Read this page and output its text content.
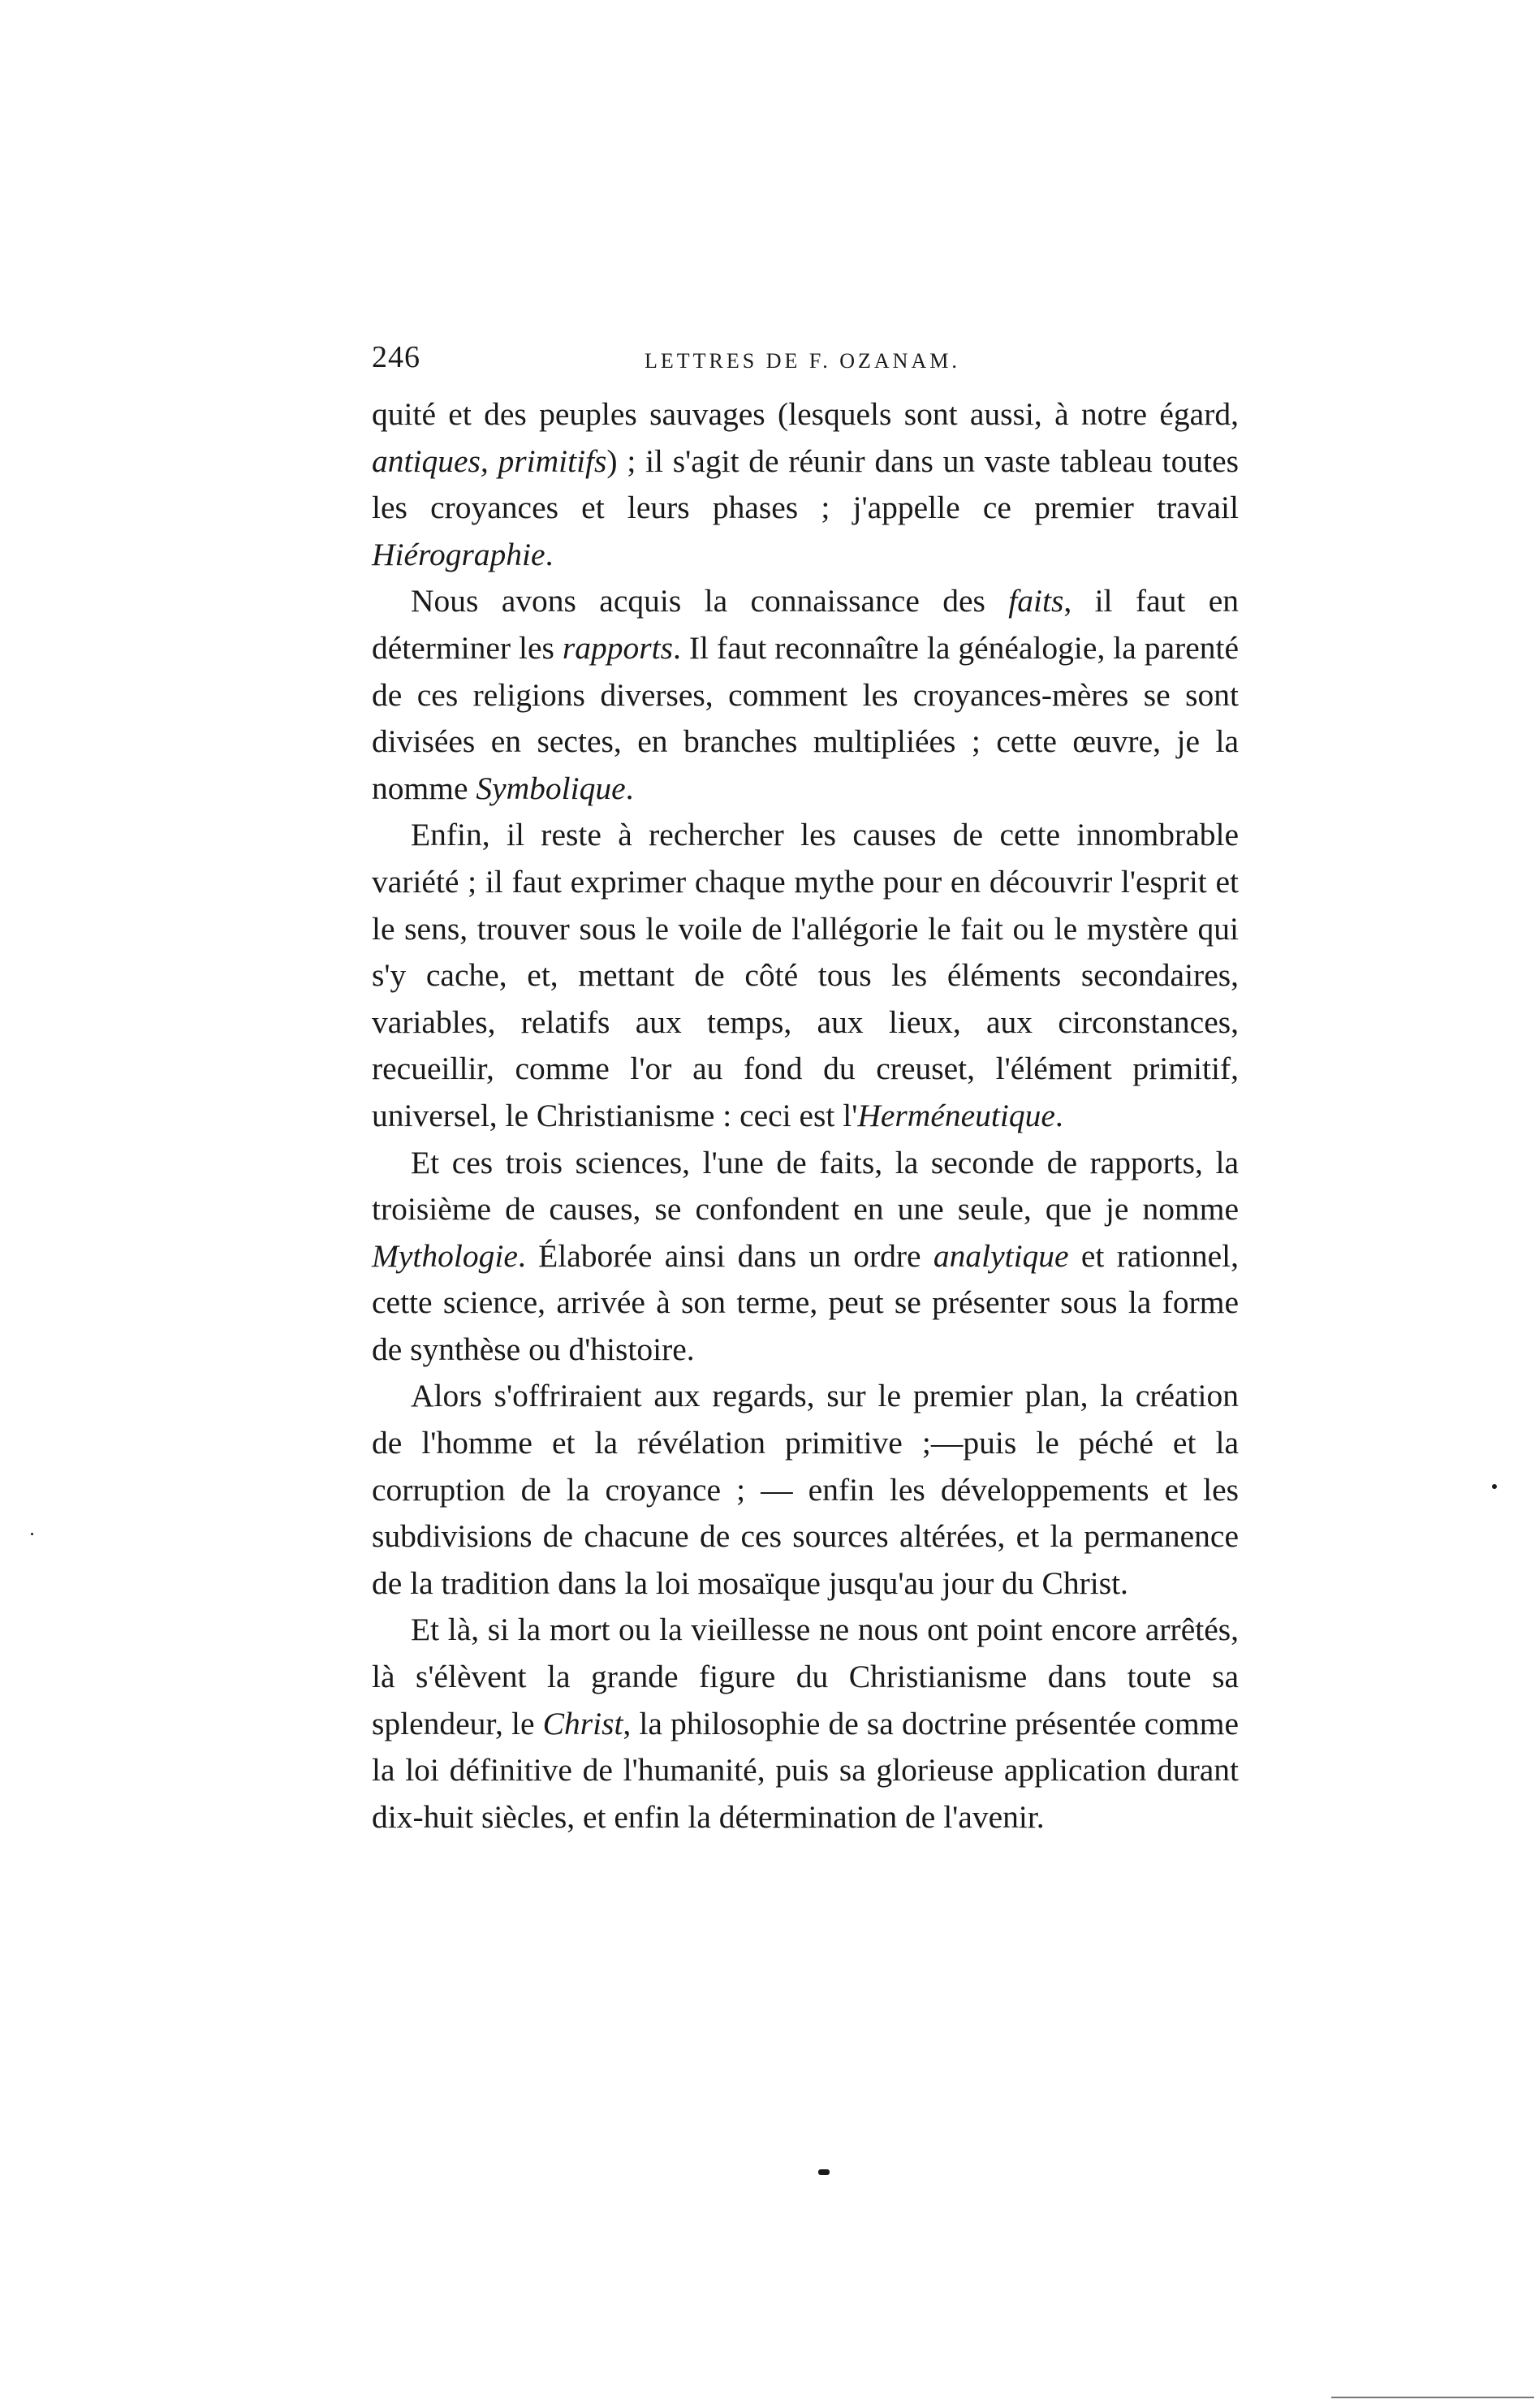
246	LETTRES DE F. OZANAM.

quité et des peuples sauvages (lesquels sont aussi, à notre égard, antiques, primitifs) ; il s'agit de réunir dans un vaste tableau toutes les croyances et leurs phases ; j'appelle ce premier travail Hiérographie.

Nous avons acquis la connaissance des faits, il faut en déterminer les rapports. Il faut reconnaître la généalogie, la parenté de ces religions diverses, comment les croyances-mères se sont divisées en sectes, en branches multipliées ; cette œuvre, je la nomme Symbolique.

Enfin, il reste à rechercher les causes de cette innombrable variété ; il faut exprimer chaque mythe pour en découvrir l'esprit et le sens, trouver sous le voile de l'allégorie le fait ou le mystère qui s'y cache, et, mettant de côté tous les éléments secondaires, variables, relatifs aux temps, aux lieux, aux circonstances, recueillir, comme l'or au fond du creuset, l'élément primitif, universel, le Christianisme : ceci est l'Herméneutique.

Et ces trois sciences, l'une de faits, la seconde de rapports, la troisième de causes, se confondent en une seule, que je nomme Mythologie. Élaborée ainsi dans un ordre analytique et rationnel, cette science, arrivée à son terme, peut se présenter sous la forme de synthèse ou d'histoire.

Alors s'offriraient aux regards, sur le premier plan, la création de l'homme et la révélation primitive ;—puis le péché et la corruption de la croyance ; — enfin les développements et les subdivisions de chacune de ces sources altérées, et la permanence de la tradition dans la loi mosaïque jusqu'au jour du Christ.

Et là, si la mort ou la vieillesse ne nous ont point encore arrêtés, là s'élèvent la grande figure du Christianisme dans toute sa splendeur, le Christ, la philosophie de sa doctrine présentée comme la loi définitive de l'humanité, puis sa glorieuse application durant dix-huit siècles, et enfin la détermination de l'avenir.
